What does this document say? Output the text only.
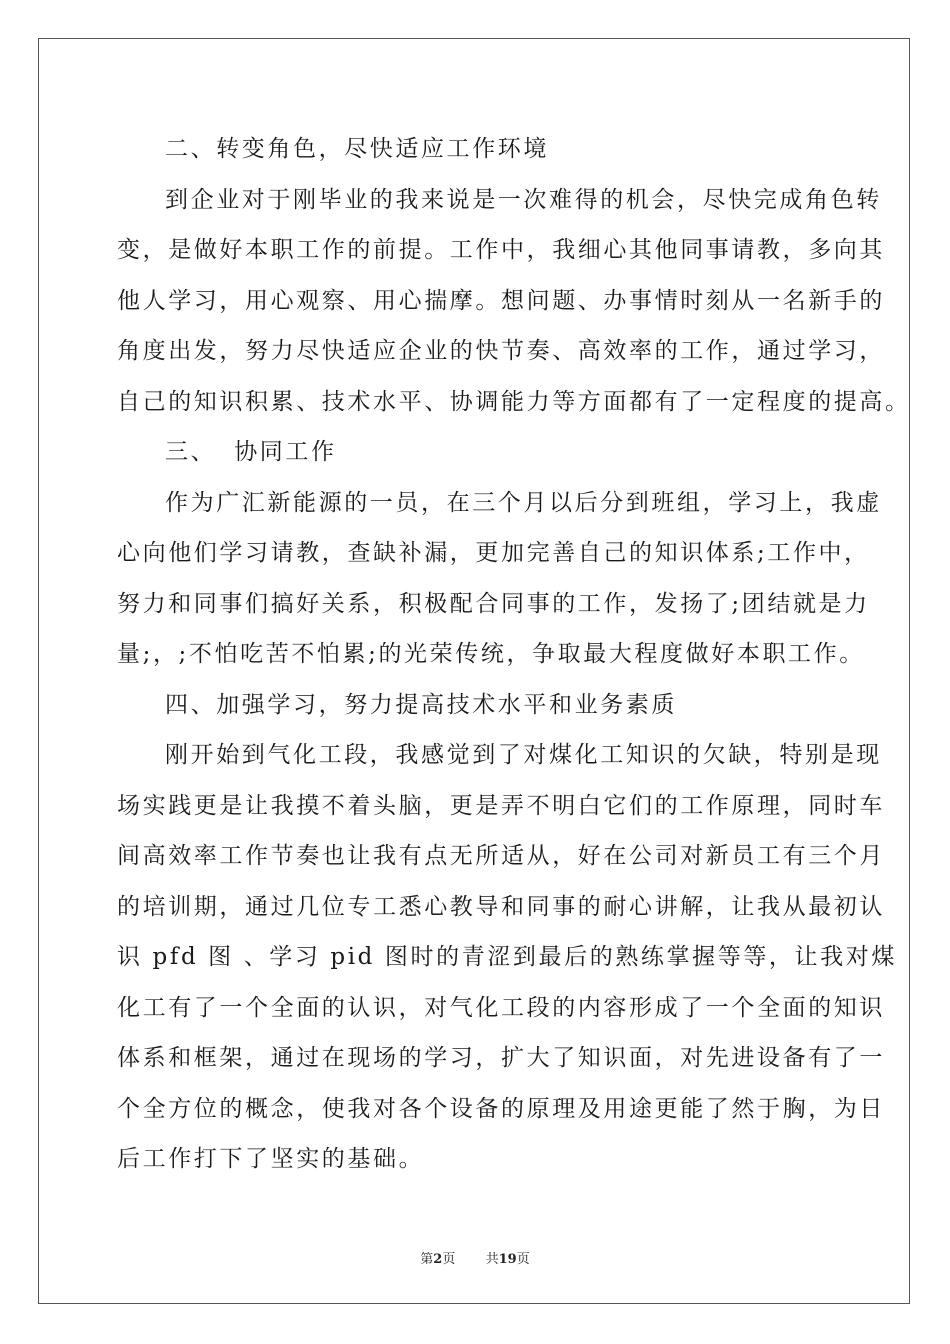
二、转变角色，尽快适应工作环境
到企业对于刚毕业的我来说是一次难得的机会，尽快完成角色转
变，是做好本职工作的前提。工作中，我细心其他同事请教，多向其
他人学习，用心观察、用心揣摩。想问题、办事情时刻从一名新手的
角度出发，努力尽快适应企业的快节奏、高效率的工作，通过学习，
自己的知识积累、技术水平、协调能力等方面都有了一定程度的提高。
三、 协同工作
作为广汇新能源的一员，在三个月以后分到班组，学习上，我虚
心向他们学习请教，查缺补漏，更加完善自己的知识体系;工作中，
努力和同事们搞好关系，积极配合同事的工作，发扬了;团结就是力
量;，;不怕吃苦不怕累;的光荣传统，争取最大程度做好本职工作。
四、加强学习，努力提高技术水平和业务素质
刚开始到气化工段，我感觉到了对煤化工知识的欠缺，特别是现
场实践更是让我摸不着头脑，更是弄不明白它们的工作原理，同时车
间高效率工作节奏也让我有点无所适从，好在公司对新员工有三个月
的培训期，通过几位专工悉心教导和同事的耐心讲解，让我从最初认
识 pfd 图 、学习 pid 图时的青涩到最后的熟练掌握等等，让我对煤
化工有了一个全面的认识，对气化工段的内容形成了一个全面的知识
体系和框架，通过在现场的学习，扩大了知识面，对先进设备有了一
个全方位的概念，使我对各个设备的原理及用途更能了然于胸，为日
后工作打下了坚实的基础。
第2页 共19页
